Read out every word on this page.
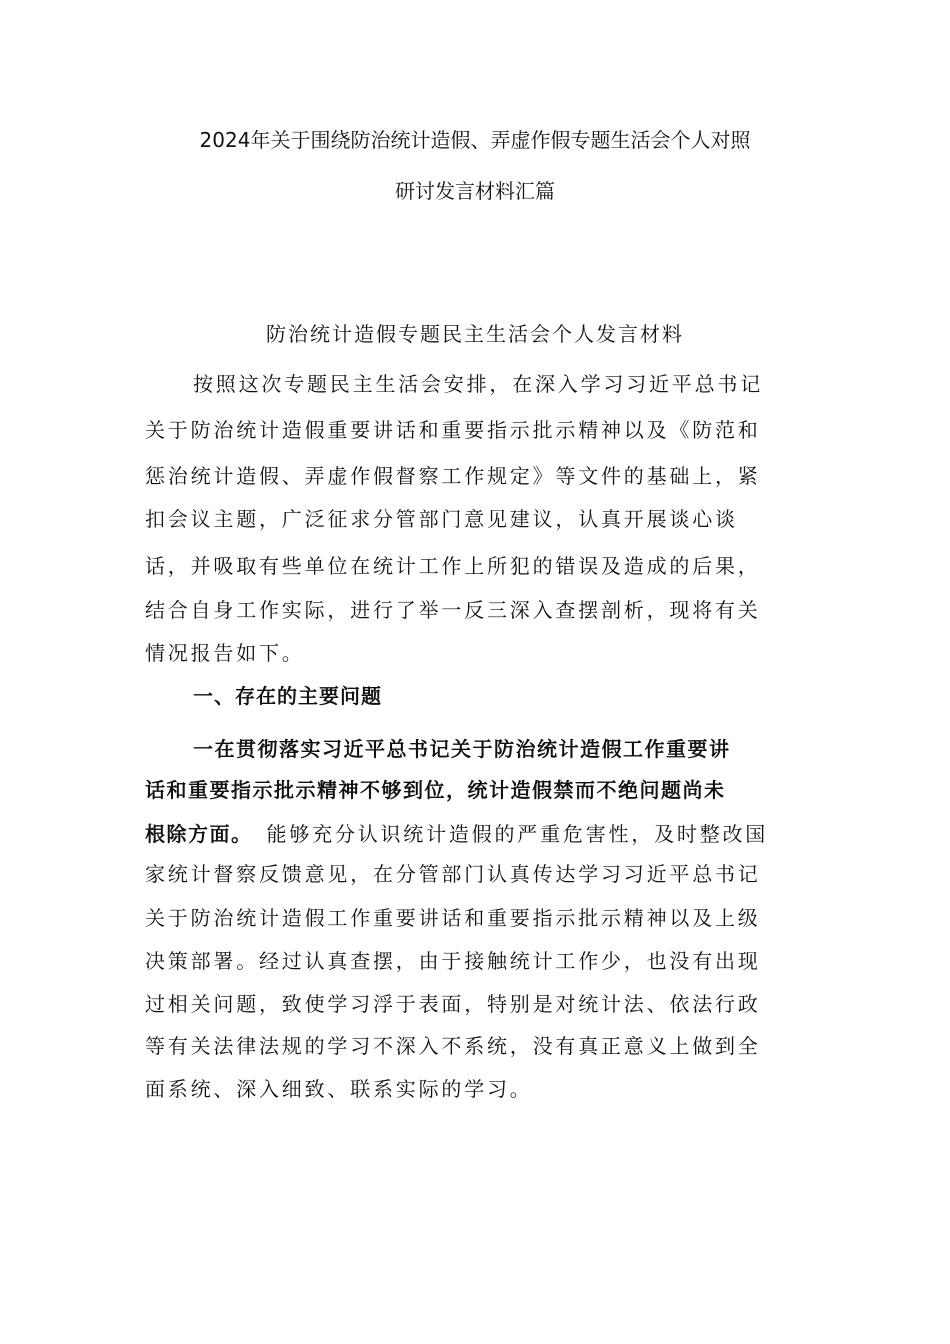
2024年关于围绕防治统计造假、弄虚作假专题生活会个人对照
研讨发言材料汇篇
防治统计造假专题民主生活会个人发言材料
按照这次专题民主生活会安排，在深入学习习近平总书记
关于防治统计造假重要讲话和重要指示批示精神以及《防范和
惩治统计造假、弄虚作假督察工作规定》等文件的基础上，紧
扣会议主题，广泛征求分管部门意见建议，认真开展谈心谈
话，并吸取有些单位在统计工作上所犯的错误及造成的后果，
结合自身工作实际，进行了举一反三深入查摆剖析，现将有关
情况报告如下。
一、存在的主要问题
一在贯彻落实习近平总书记关于防治统计造假工作重要讲
话和重要指示批示精神不够到位，统计造假禁而不绝问题尚未
根除方面。 能够充分认识统计造假的严重危害性，及时整改国
家统计督察反馈意见，在分管部门认真传达学习习近平总书记
关于防治统计造假工作重要讲话和重要指示批示精神以及上级
决策部署。经过认真查摆，由于接触统计工作少，也没有出现
过相关问题，致使学习浮于表面，特别是对统计法、依法行政
等有关法律法规的学习不深入不系统，没有真正意义上做到全
面系统、深入细致、联系实际的学习。
